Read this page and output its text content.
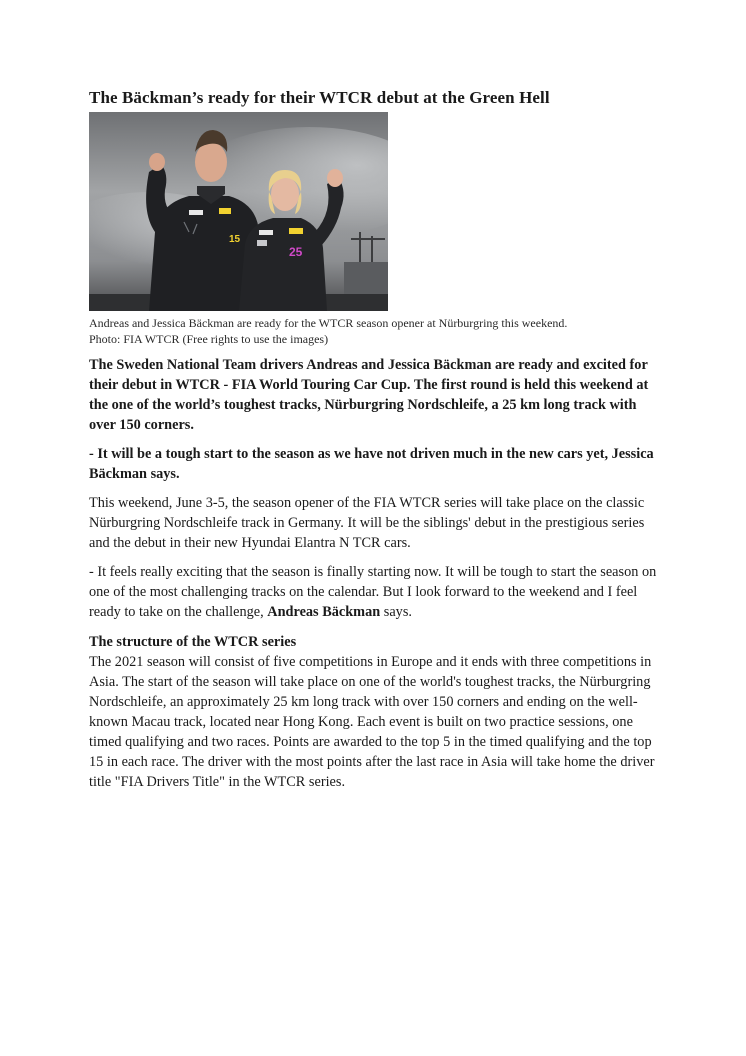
The Bäckman’s ready for their WTCR debut at the Green Hell
15
25
Andreas and Jessica Bäckman are ready for the WTCR season opener at Nürburgring this weekend.
Photo: FIA WTCR (Free rights to use the images)

The Sweden National Team drivers Andreas and Jessica Bäckman are ready and excited for their debut in WTCR - FIA World Touring Car Cup. The first round is held this weekend at the one of the world’s toughest tracks, Nürburgring Nordschleife, a 25 km long track with over 150 corners.

- It will be a tough start to the season as we have not driven much in the new cars yet, Jessica Bäckman says.

This weekend, June 3-5, the season opener of the FIA WTCR series will take place on the classic Nürburgring Nordschleife track in Germany. It will be the siblings' debut in the prestigious series and the debut in their new Hyundai Elantra N TCR cars.

- It feels really exciting that the season is finally starting now. It will be tough to start the season on one of the most challenging tracks on the calendar. But I look forward to the weekend and I feel ready to take on the challenge, Andreas Bäckman says.

The structure of the WTCR series

The 2021 season will consist of five competitions in Europe and it ends with three competitions in Asia. The start of the season will take place on one of the world's toughest tracks, the Nürburgring Nordschleife, an approximately 25 km long track with over 150 corners and ending on the well-known Macau track, located near Hong Kong. Each event is built on two practice sessions, one timed qualifying and two races. Points are awarded to the top 5 in the timed qualifying and the top 15 in each race. The driver with the most points after the last race in Asia will take home the driver title "FIA Drivers Title" in the WTCR series.
